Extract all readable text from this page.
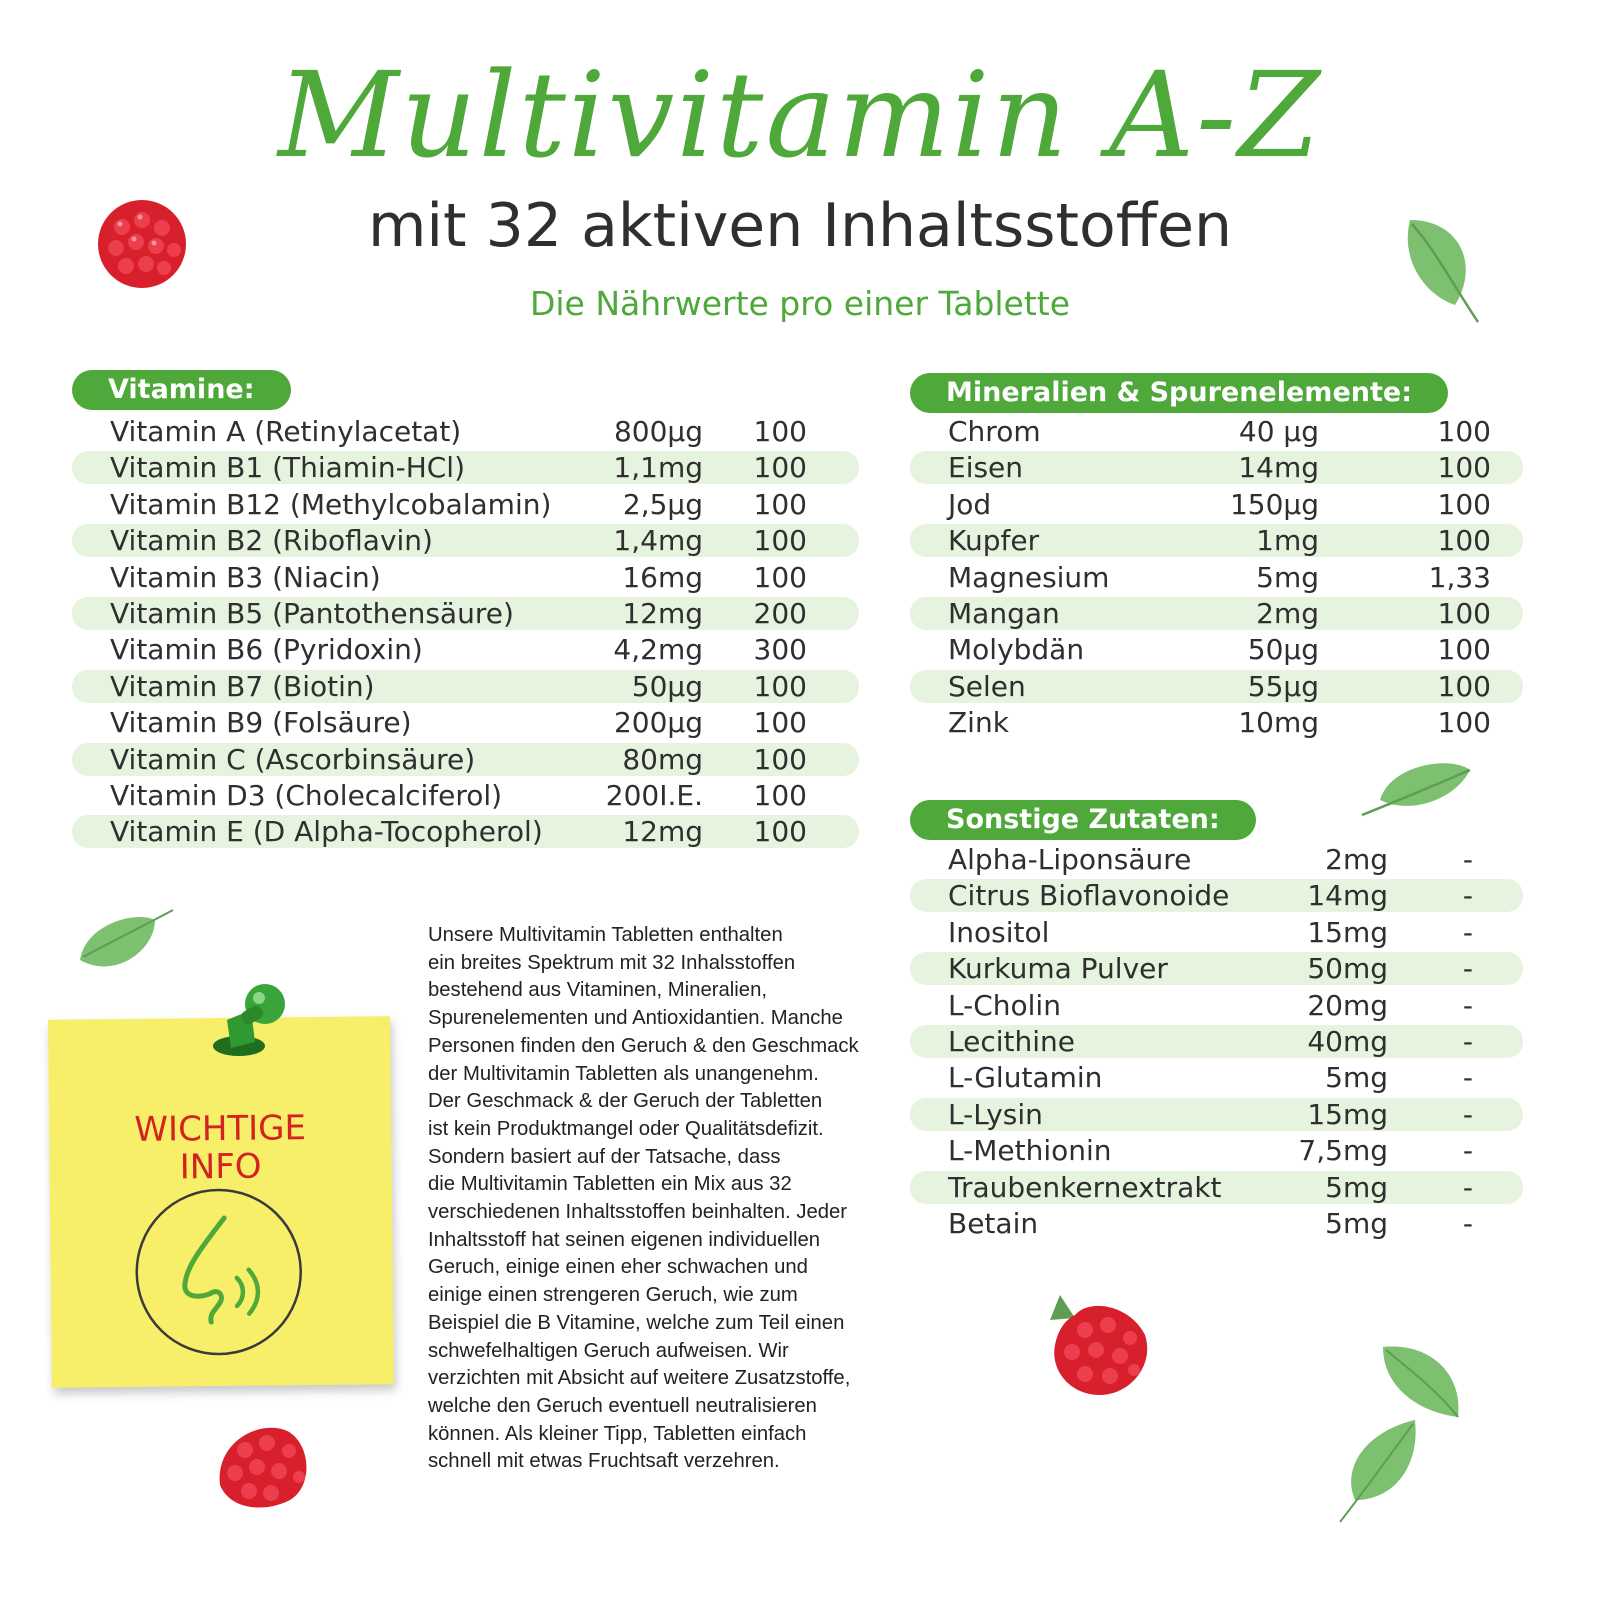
Multivitamin A-Z
mit 32 aktiven Inhaltsstoffen
Die Nährwerte pro einer Tablette
Vitamine:
Vitamin A (Retinylacetat)	800µg 100
Vitamin B1 (Thiamin-HCl)	1,1mg 100
Vitamin B12 (Methylcobalamin)	2,5µg 100
Vitamin B2 (Riboflavin)	1,4mg 100
Vitamin B3 (Niacin)	16mg 100
Vitamin B5 (Pantothensäure)	12mg 200
Vitamin B6 (Pyridoxin)	4,2mg 300
Vitamin B7 (Biotin)	50µg 100
Vitamin B9 (Folsäure)	200µg 100
Vitamin C (Ascorbinsäure)	80mg 100
Vitamin D3 (Cholecalciferol)	200I.E. 100
Vitamin E (D Alpha-Tocopherol)	12mg 100
Mineralien & Spurenelemente:
Chrom	40 µg	100
Eisen	14mg	100
Jod	150µg	100
Kupfer	1mg	100
Magnesium	5mg	1,33
Mangan	2mg	100
Molybdän	50µg	100
Selen	55µg	100
Zink	10mg	100
Sonstige Zutaten:
Alpha-Liponsäure	2mg	-
Citrus Bioflavonoide	14mg	-
Inositol	15mg	-
Kurkuma Pulver	50mg	-
L-Cholin	20mg	-
Lecithine	40mg	-
L-Glutamin	5mg	-
L-Lysin	15mg	-
L-Methionin	7,5mg	-
Traubenkernextrakt	5mg	-
Betain	5mg	-
WICHTIGE
INFO
Unsere Multivitamin Tabletten enthalten
ein breites Spektrum mit 32 Inhalsstoffen
bestehend aus Vitaminen, Mineralien,
Spurenelementen und Antioxidantien. Manche
Personen finden den Geruch & den Geschmack
der Multivitamin Tabletten als unangenehm.
Der Geschmack & der Geruch der Tabletten
ist kein Produktmangel oder Qualitätsdefizit.
Sondern basiert auf der Tatsache, dass
die Multivitamin Tabletten ein Mix aus 32
verschiedenen Inhaltsstoffen beinhalten. Jeder
Inhaltsstoff hat seinen eigenen individuellen
Geruch, einige einen eher schwachen und
einige einen strengeren Geruch, wie zum
Beispiel die B Vitamine, welche zum Teil einen
schwefelhaltigen Geruch aufweisen. Wir
verzichten mit Absicht auf weitere Zusatzstoffe,
welche den Geruch eventuell neutralisieren
können. Als kleiner Tipp, Tabletten einfach
schnell mit etwas Fruchtsaft verzehren.
